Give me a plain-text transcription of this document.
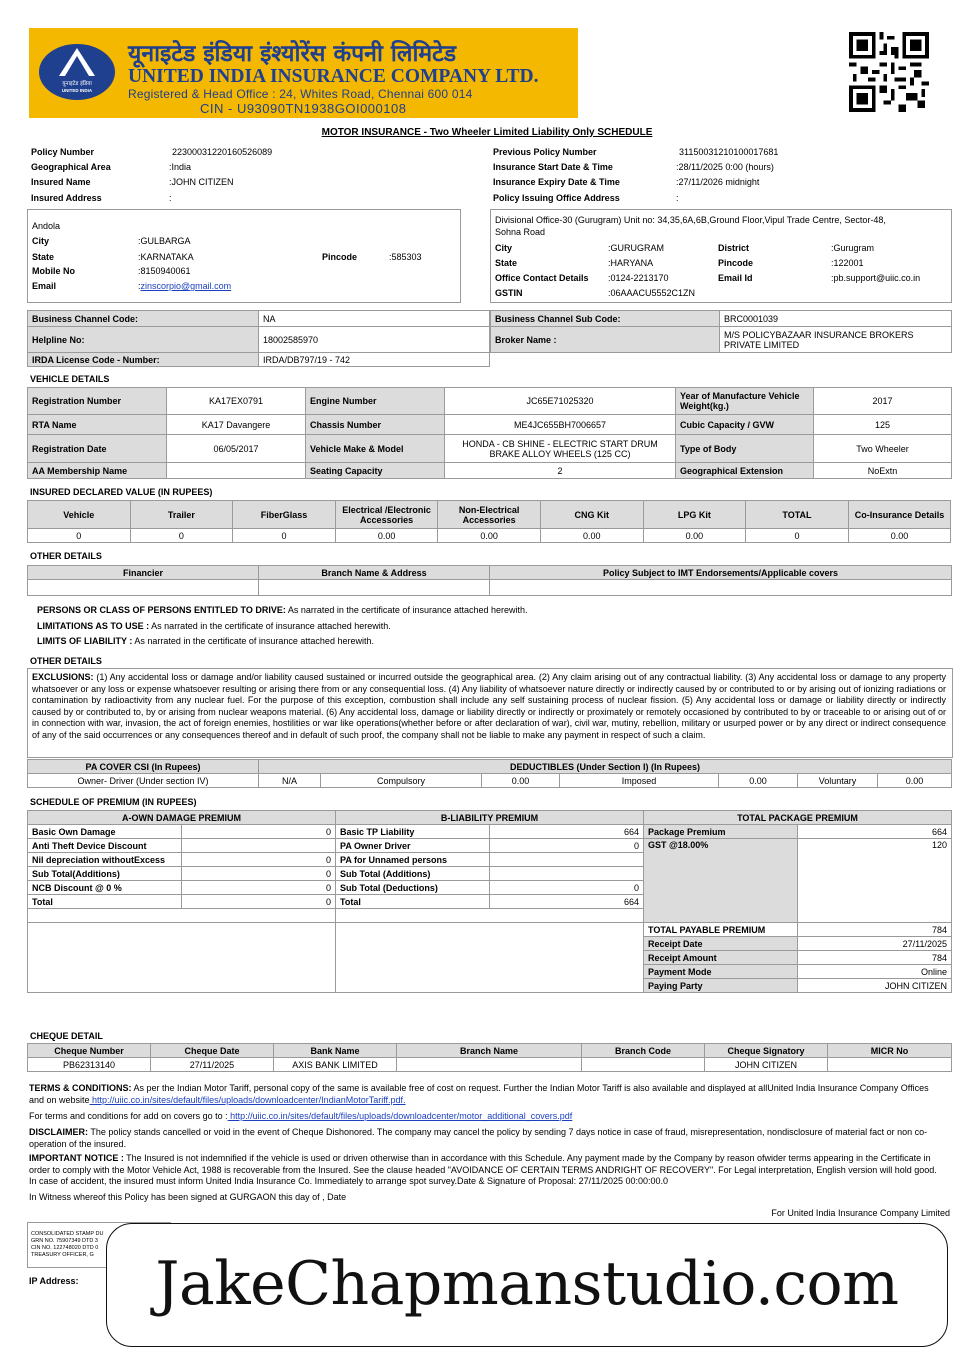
यूनाइटेड इंडिया
UNITED INDIA
यूनाइटेड इंडिया इंश्योरेंस कंपनी लिमिटेड
UNITED INDIA INSURANCE COMPANY LTD.
Registered & Head Office : 24, Whites Road, Chennai 600 014
CIN - U93090TN1938GOI000108
MOTOR INSURANCE - Two Wheeler Limited Liability Only SCHEDULE
Policy Number	22300031220160526089
Geographical Area	:India
Insured Name	:JOHN CITIZEN
Insured Address	:
Previous Policy Number	31150031210100017681
Insurance Start Date & Time	:28/11/2025 0:00 (hours)
Insurance Expiry Date & Time	:27/11/2026 midnight
Policy Issuing Office Address	:
Andola
City	:GULBARGA
State	:KARNATAKA	Pincode	:585303
Mobile No	:8150940061
Email	:zinscorpio@gmail.com
Divisional Office-30 (Gurugram) Unit no: 34,35,6A,6B,Ground Floor,Vipul Trade Centre, Sector-48,
Sohna Road
City	:GURUGRAM	District	:Gurugram
State	:HARYANA	Pincode	:122001
Office Contact Details :0124-2213170	Email Id	:pb.support@uiic.co.in
GSTIN	:06AAACU5552C1ZN
Business Channel Code:	NA
Helpline No:	18002585970
IRDA License Code - Number:	IRDA/DB797/19 - 742
Business Channel Sub Code:	BRC0001039
Broker Name :	M/S POLICYBAZAAR INSURANCE BROKERS PRIVATE LIMITED
VEHICLE DETAILS
Registration Number	KA17EX0791	Engine Number	JC65E71025320	Year of Manufacture Vehicle Weight(kg.)	2017
RTA Name	KA17 Davangere	Chassis Number	ME4JC655BH7006657	Cubic Capacity / GVW	125
Registration Date	06/05/2017	Vehicle Make & Model	HONDA - CB SHINE - ELECTRIC START DRUM BRAKE ALLOY WHEELS (125 CC)	Type of Body	Two Wheeler
AA Membership Name		Seating Capacity	2	Geographical Extension	NoExtn
INSURED DECLARED VALUE (IN RUPEES)
Vehicle	Trailer	FiberGlass	Electrical /Electronic Accessories	Non-Electrical Accessories	CNG Kit	LPG Kit	TOTAL	Co-Insurance Details
0	0	0	0.00	0.00	0.00	0.00	0	0.00
OTHER DETAILS
Financier	Branch Name & Address	Policy Subject to IMT Endorsements/Applicable covers

PERSONS OR CLASS OF PERSONS ENTITLED TO DRIVE: As narrated in the certificate of insurance attached herewith.
LIMITATIONS AS TO USE : As narrated in the certificate of insurance attached herewith.
LIMITS OF LIABILITY : As narrated in the certificate of insurance attached herewith.
OTHER DETAILS
EXCLUSIONS: (1) Any accidental loss or damage and/or liability caused sustained or incurred outside the geographical area. (2) Any claim arising out of any contractual liability. (3) Any accidental loss or damage to any property whatsoever or any loss or expense whatsoever resulting or arising there from or any consequential loss. (4) Any liability of whatsoever nature directly or indirectly caused by or contributed to or by arising out of ionizing radiations or contamination by radioactivity from any nuclear fuel. For the purpose of this exception, combustion shall include any self sustaining process of nuclear fission. (5) Any accidental loss or damage or liability directly or indirectly caused by or contributed to, by or arising from nuclear weapons material. (6) Any accidental loss, damage or liability directly or indirectly or proximately or remotely occasioned by contributed to by or traceable to or arising out of or in connection with war, invasion, the act of foreign enemies, hostilities or war like operations(whether before or after declaration of war), civil war, mutiny, rebellion, military or usurped power or by any direct or indirect consequence of any of the said occurrences or any consequences thereof and in default of such proof, the company shall not be liable to make any payment in respect of such a claim.
PA COVER CSI (In Rupees)	DEDUCTIBLES (Under Section I) (In Rupees)						
Owner- Driver (Under section IV)	N/A	Compulsory	0.00	Imposed	0.00	Voluntary	0.00
SCHEDULE OF PREMIUM (IN RUPEES)
A-OWN DAMAGE PREMIUM		B-LIABILITY PREMIUM		TOTAL PACKAGE PREMIUM	
Basic Own Damage	0	Basic TP Liability	664	Package Premium	664
Anti Theft Device Discount		PA Owner Driver	0	GST @18.00%	120
Nil depreciation withoutExcess	0	PA for Unnamed persons			
Sub Total(Additions)	0	Sub Total (Additions)			
NCB Discount @ 0 %	0	Sub Total (Deductions)	0		
Total	0	Total	664		

				TOTAL PAYABLE PREMIUM	784
				Receipt Date	27/11/2025
				Receipt Amount	784
				Payment Mode	Online
				Paying Party	JOHN CITIZEN
CHEQUE DETAIL
Cheque Number	Cheque Date	Bank Name	Branch Name	Branch Code	Cheque Signatory	MICR No
PB62313140	27/11/2025	AXIS BANK LIMITED			JOHN CITIZEN	
TERMS & CONDITIONS: As per the Indian Motor Tariff, personal copy of the same is available free of cost on request. Further the Indian Motor Tariff is also available and displayed at allUnited India Insurance Company Offices and on website http://uiic.co.in/sites/default/files/uploads/downloadcenter/IndianMotorTariff.pdf.
For terms and conditions for add on covers go to : http://uiic.co.in/sites/default/files/uploads/downloadcenter/motor_additional_covers.pdf
DISCLAIMER: The policy stands cancelled or void in the event of Cheque Dishonored. The company may cancel the policy by sending 7 days notice in case of fraud, misrepresentation, nondisclosure of material fact or non co-operation of the insured.
IMPORTANT NOTICE : The Insured is not indemnified if the vehicle is used or driven otherwise than in accordance with this Schedule. Any payment made by the Company by reason ofwider terms appearing in the Certificate in order to comply with the Motor Vehicle Act, 1988 is recoverable from the Insured. See the clause headed "AVOIDANCE OF CERTAIN TERMS ANDRIGHT OF RECOVERY". For Legal interpretation, English version will hold good. In case of accident, the insured must inform United India Insurance Co. Immediately to arrange spot survey.Date & Signature of Proposal: 27/11/2025 00:00:00.0
In Witness whereof this Policy has been signed at GURGAON this day of , Date
For United India Insurance Company Limited
CONSOLIDATED STAMP DU
GRN NO. 75907349 DTD 3
CIN NO. 122748020 DTD 0
TREASURY OFFICER, G
IP Address:	JakeChapmanstudio.com
